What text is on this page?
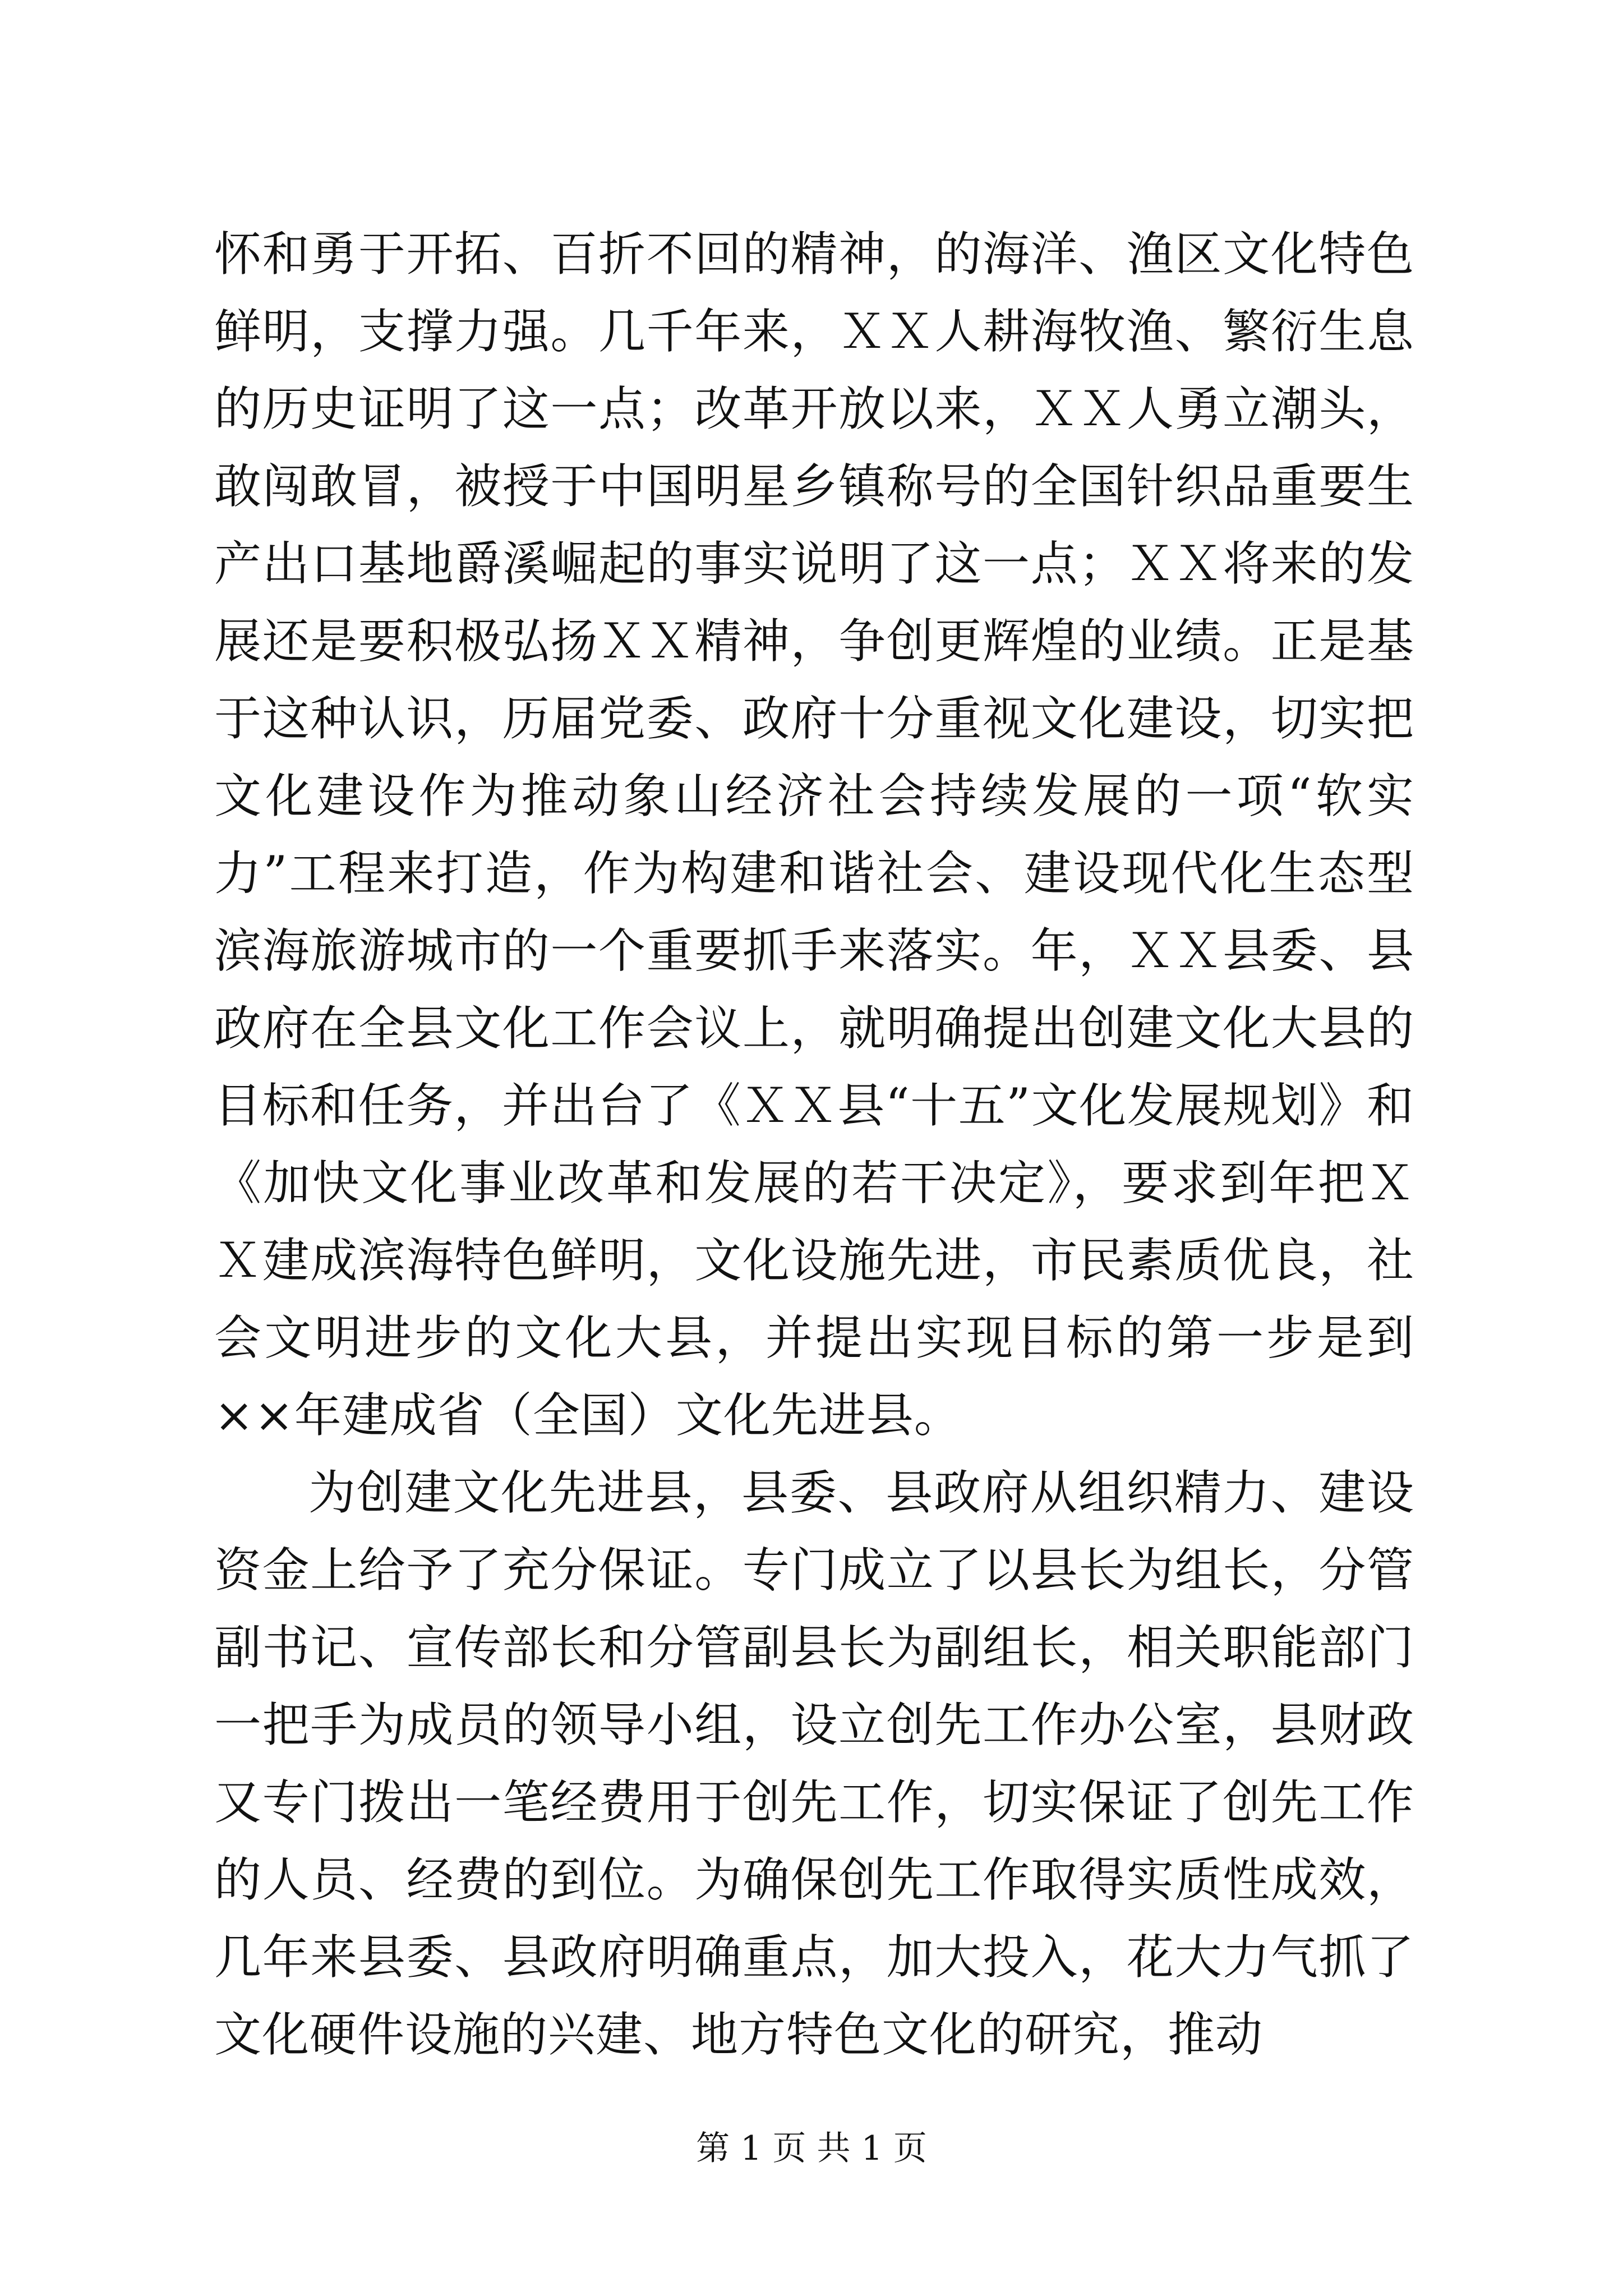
怀和勇于开拓、百折不回的精神，的海洋、渔区文化特色鲜明，支撑力强。几千年来，ＸＸ人耕海牧渔、繁衍生息的历史证明了这一点；改革开放以来，ＸＸ人勇立潮头，敢闯敢冒，被授于中国明星乡镇称号的全国针织品重要生产出口基地爵溪崛起的事实说明了这一点；ＸＸ将来的发展还是要积极弘扬ＸＸ精神，争创更辉煌的业绩。正是基于这种认识，历届党委、政府十分重视文化建设，切实把文化建设作为推动象山经济社会持续发展的一项“软实力”工程来打造，作为构建和谐社会、建设现代化生态型滨海旅游城市的一个重要抓手来落实。年，ＸＸ县委、县政府在全县文化工作会议上，就明确提出创建文化大县的目标和任务，并出台了《ＸＸ县“十五”文化发展规划》和《加快文化事业改革和发展的若干决定》，要求到年把ＸＸ建成滨海特色鲜明，文化设施先进，市民素质优良，社会文明进步的文化大县，并提出实现目标的第一步是到××年建成省（全国）文化先进县。

为创建文化先进县，县委、县政府从组织精力、建设资金上给予了充分保证。专门成立了以县长为组长，分管副书记、宣传部长和分管副县长为副组长，相关职能部门一把手为成员的领导小组，设立创先工作办公室，县财政又专门拨出一笔经费用于创先工作，切实保证了创先工作的人员、经费的到位。为确保创先工作取得实质性成效，几年来县委、县政府明确重点，加大投入，花大力气抓了文化硬件设施的兴建、地方特色文化的研究，推动

第 1 页 共 1 页
